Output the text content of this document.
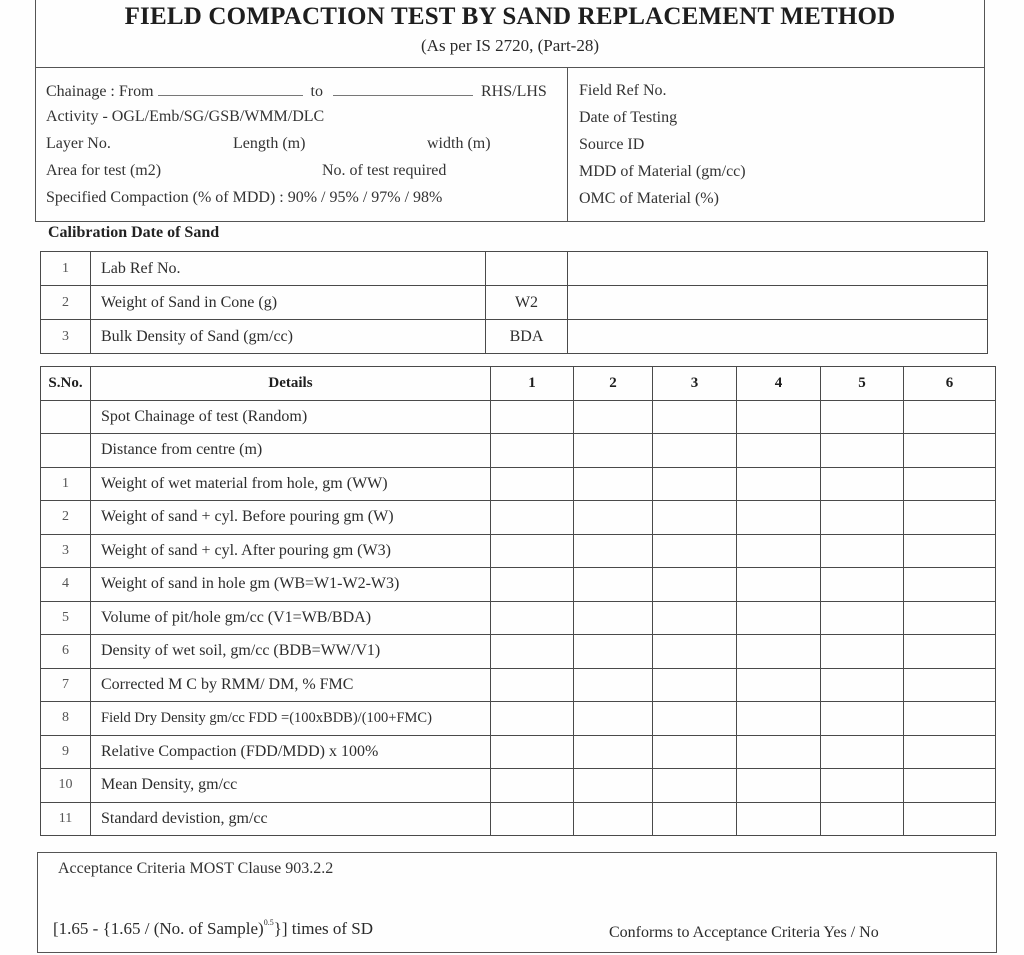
FIELD COMPACTION TEST BY SAND REPLACEMENT METHOD
(As per IS 2720, (Part-28)
Chainage : From	to	RHS/LHS
Activity - OGL/Emb/SG/GSB/WMM/DLC
Layer No.	Length (m)	width (m)
Area for test (m2)	No. of test required
Specified Compaction (% of MDD) : 90% / 95% / 97% / 98%
Field Ref No.
Date of Testing
Source ID
MDD of Material (gm/cc)
OMC of Material (%)
Calibration Date of Sand
1	Lab Ref No.		
2	Weight of Sand in Cone (g)	W2	
3	Bulk Density of Sand (gm/cc)	BDA	
S.No.	Details	1	2	3	4	5	6
	Spot Chainage of test (Random)						
	Distance from centre (m)						
1	Weight of wet material from hole, gm (WW)						
2	Weight of sand + cyl. Before pouring gm (W)						
3	Weight of sand + cyl. After pouring gm (W3)						
4	Weight of sand in hole gm (WB=W1-W2-W3)						
5	Volume of pit/hole gm/cc (V1=WB/BDA)						
6	Density of wet soil, gm/cc (BDB=WW/V1)						
7	Corrected M C by RMM/ DM, % FMC						
8	Field Dry Density gm/cc FDD =(100xBDB)/(100+FMC)						
9	Relative Compaction (FDD/MDD) x 100%						
10	Mean Density, gm/cc						
11	Standard devistion, gm/cc						
Acceptance Criteria MOST Clause 903.2.2
[1.65 - {1.65 / (No. of Sample)$^{0.5}$}] times of SD	Conforms to Acceptance Criteria Yes / No
